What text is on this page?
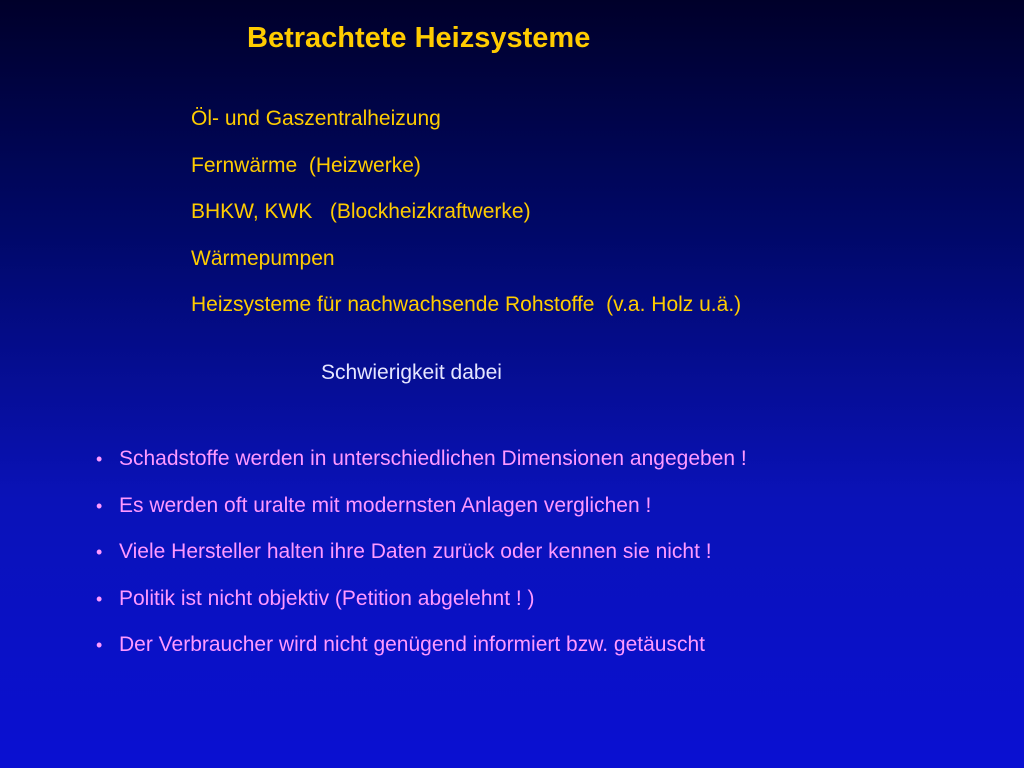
Betrachtete Heizsysteme
Öl- und Gaszentralheizung
Fernwärme  (Heizwerke)
BHKW, KWK   (Blockheizkraftwerke)
Wärmepumpen
Heizsysteme für nachwachsende Rohstoffe  (v.a. Holz u.ä.)
Schwierigkeit dabei
• Schadstoffe werden in unterschiedlichen Dimensionen angegeben !
• Es werden oft uralte mit modernsten Anlagen verglichen !
• Viele Hersteller halten ihre Daten zurück oder kennen sie nicht !
• Politik ist nicht objektiv (Petition abgelehnt ! )
• Der Verbraucher wird nicht genügend informiert bzw. getäuscht
